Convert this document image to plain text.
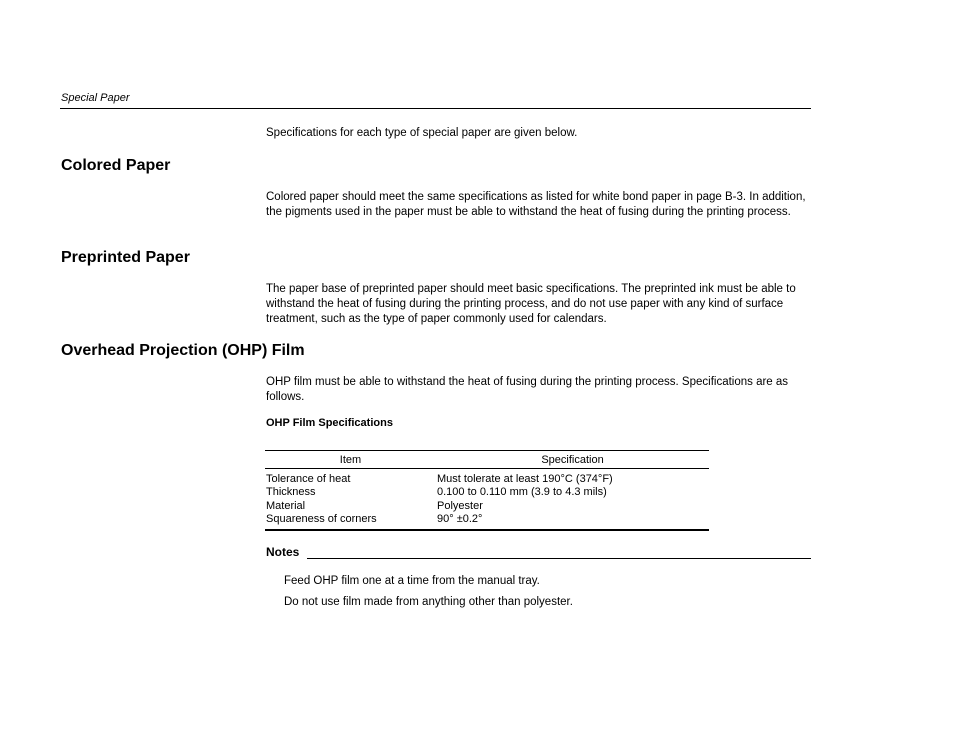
Special Paper

Specifications for each type of special paper are given below.

Colored Paper

Colored paper should meet the same specifications as listed for white bond paper in page B-3. In addition, the pigments used in the paper must be able to withstand the heat of fusing during the printing process.

Preprinted Paper

The paper base of preprinted paper should meet basic specifications. The preprinted ink must be able to withstand the heat of fusing during the printing process, and do not use paper with any kind of surface treatment, such as the type of paper commonly used for calendars.

Overhead Projection (OHP) Film

OHP film must be able to withstand the heat of fusing during the printing process. Specifications are as follows.

OHP Film Specifications
Item	Specification
Tolerance of heat	Must tolerate at least 190°C (374°F)
Thickness	0.100 to 0.110 mm (3.9 to 4.3 mils)
Material	Polyester
Squareness of corners	90° ±0.2°
Notes
Feed OHP film one at a time from the manual tray.
Do not use film made from anything other than polyester.
